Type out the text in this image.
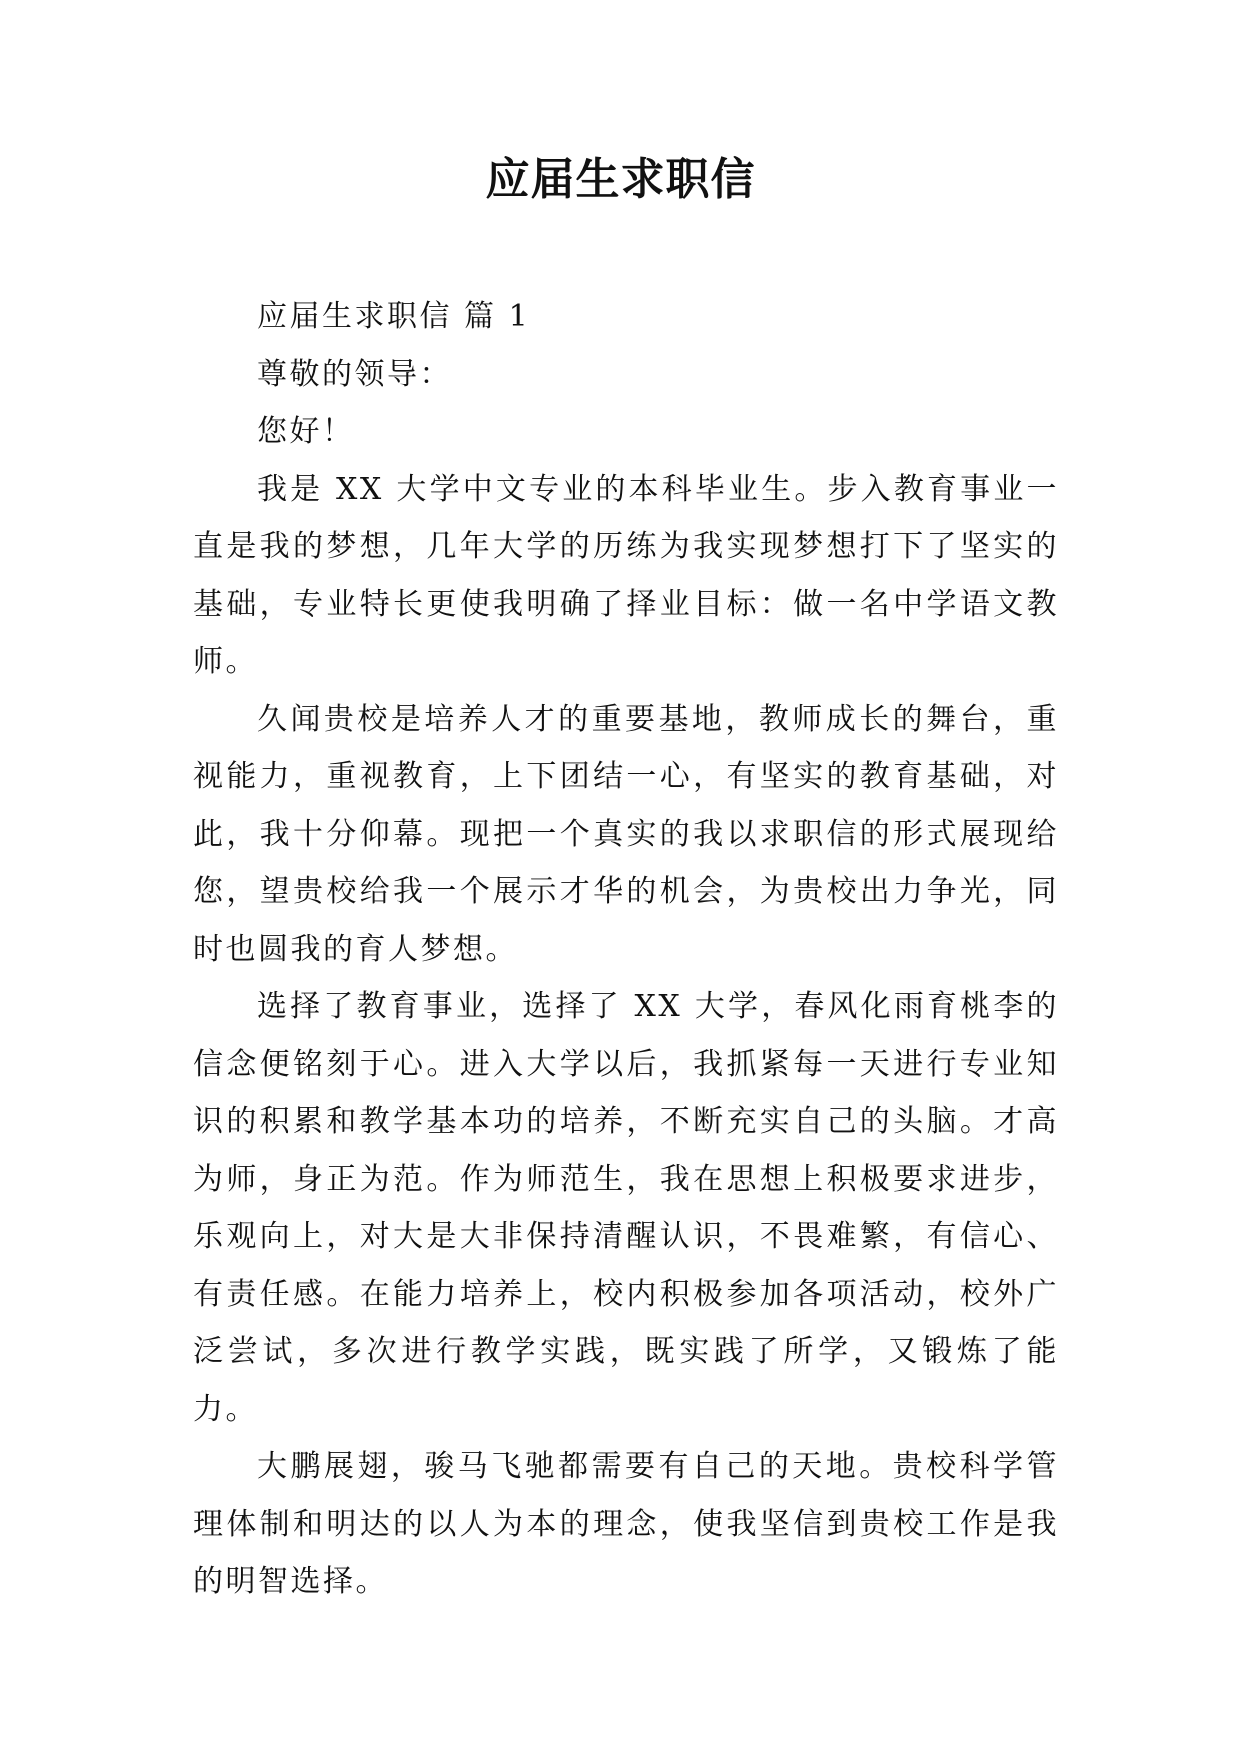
应届生求职信

应届生求职信 篇 1

尊敬的领导：

您好！

我是 XX 大学中文专业的本科毕业生。步入教育事业一直是我的梦想，几年大学的历练为我实现梦想打下了坚实的基础，专业特长更使我明确了择业目标：做一名中学语文教师。

久闻贵校是培养人才的重要基地，教师成长的舞台，重视能力，重视教育，上下团结一心，有坚实的教育基础，对此，我十分仰幕。现把一个真实的我以求职信的形式展现给您，望贵校给我一个展示才华的机会，为贵校出力争光，同时也圆我的育人梦想。

选择了教育事业，选择了 XX 大学，春风化雨育桃李的信念便铭刻于心。进入大学以后，我抓紧每一天进行专业知识的积累和教学基本功的培养，不断充实自己的头脑。才高为师，身正为范。作为师范生，我在思想上积极要求进步，乐观向上，对大是大非保持清醒认识，不畏难繁，有信心、有责任感。在能力培养上，校内积极参加各项活动，校外广泛尝试，多次进行教学实践，既实践了所学，又锻炼了能力。

大鹏展翅，骏马飞驰都需要有自己的天地。贵校科学管理体制和明达的以人为本的理念，使我坚信到贵校工作是我的明智选择。
